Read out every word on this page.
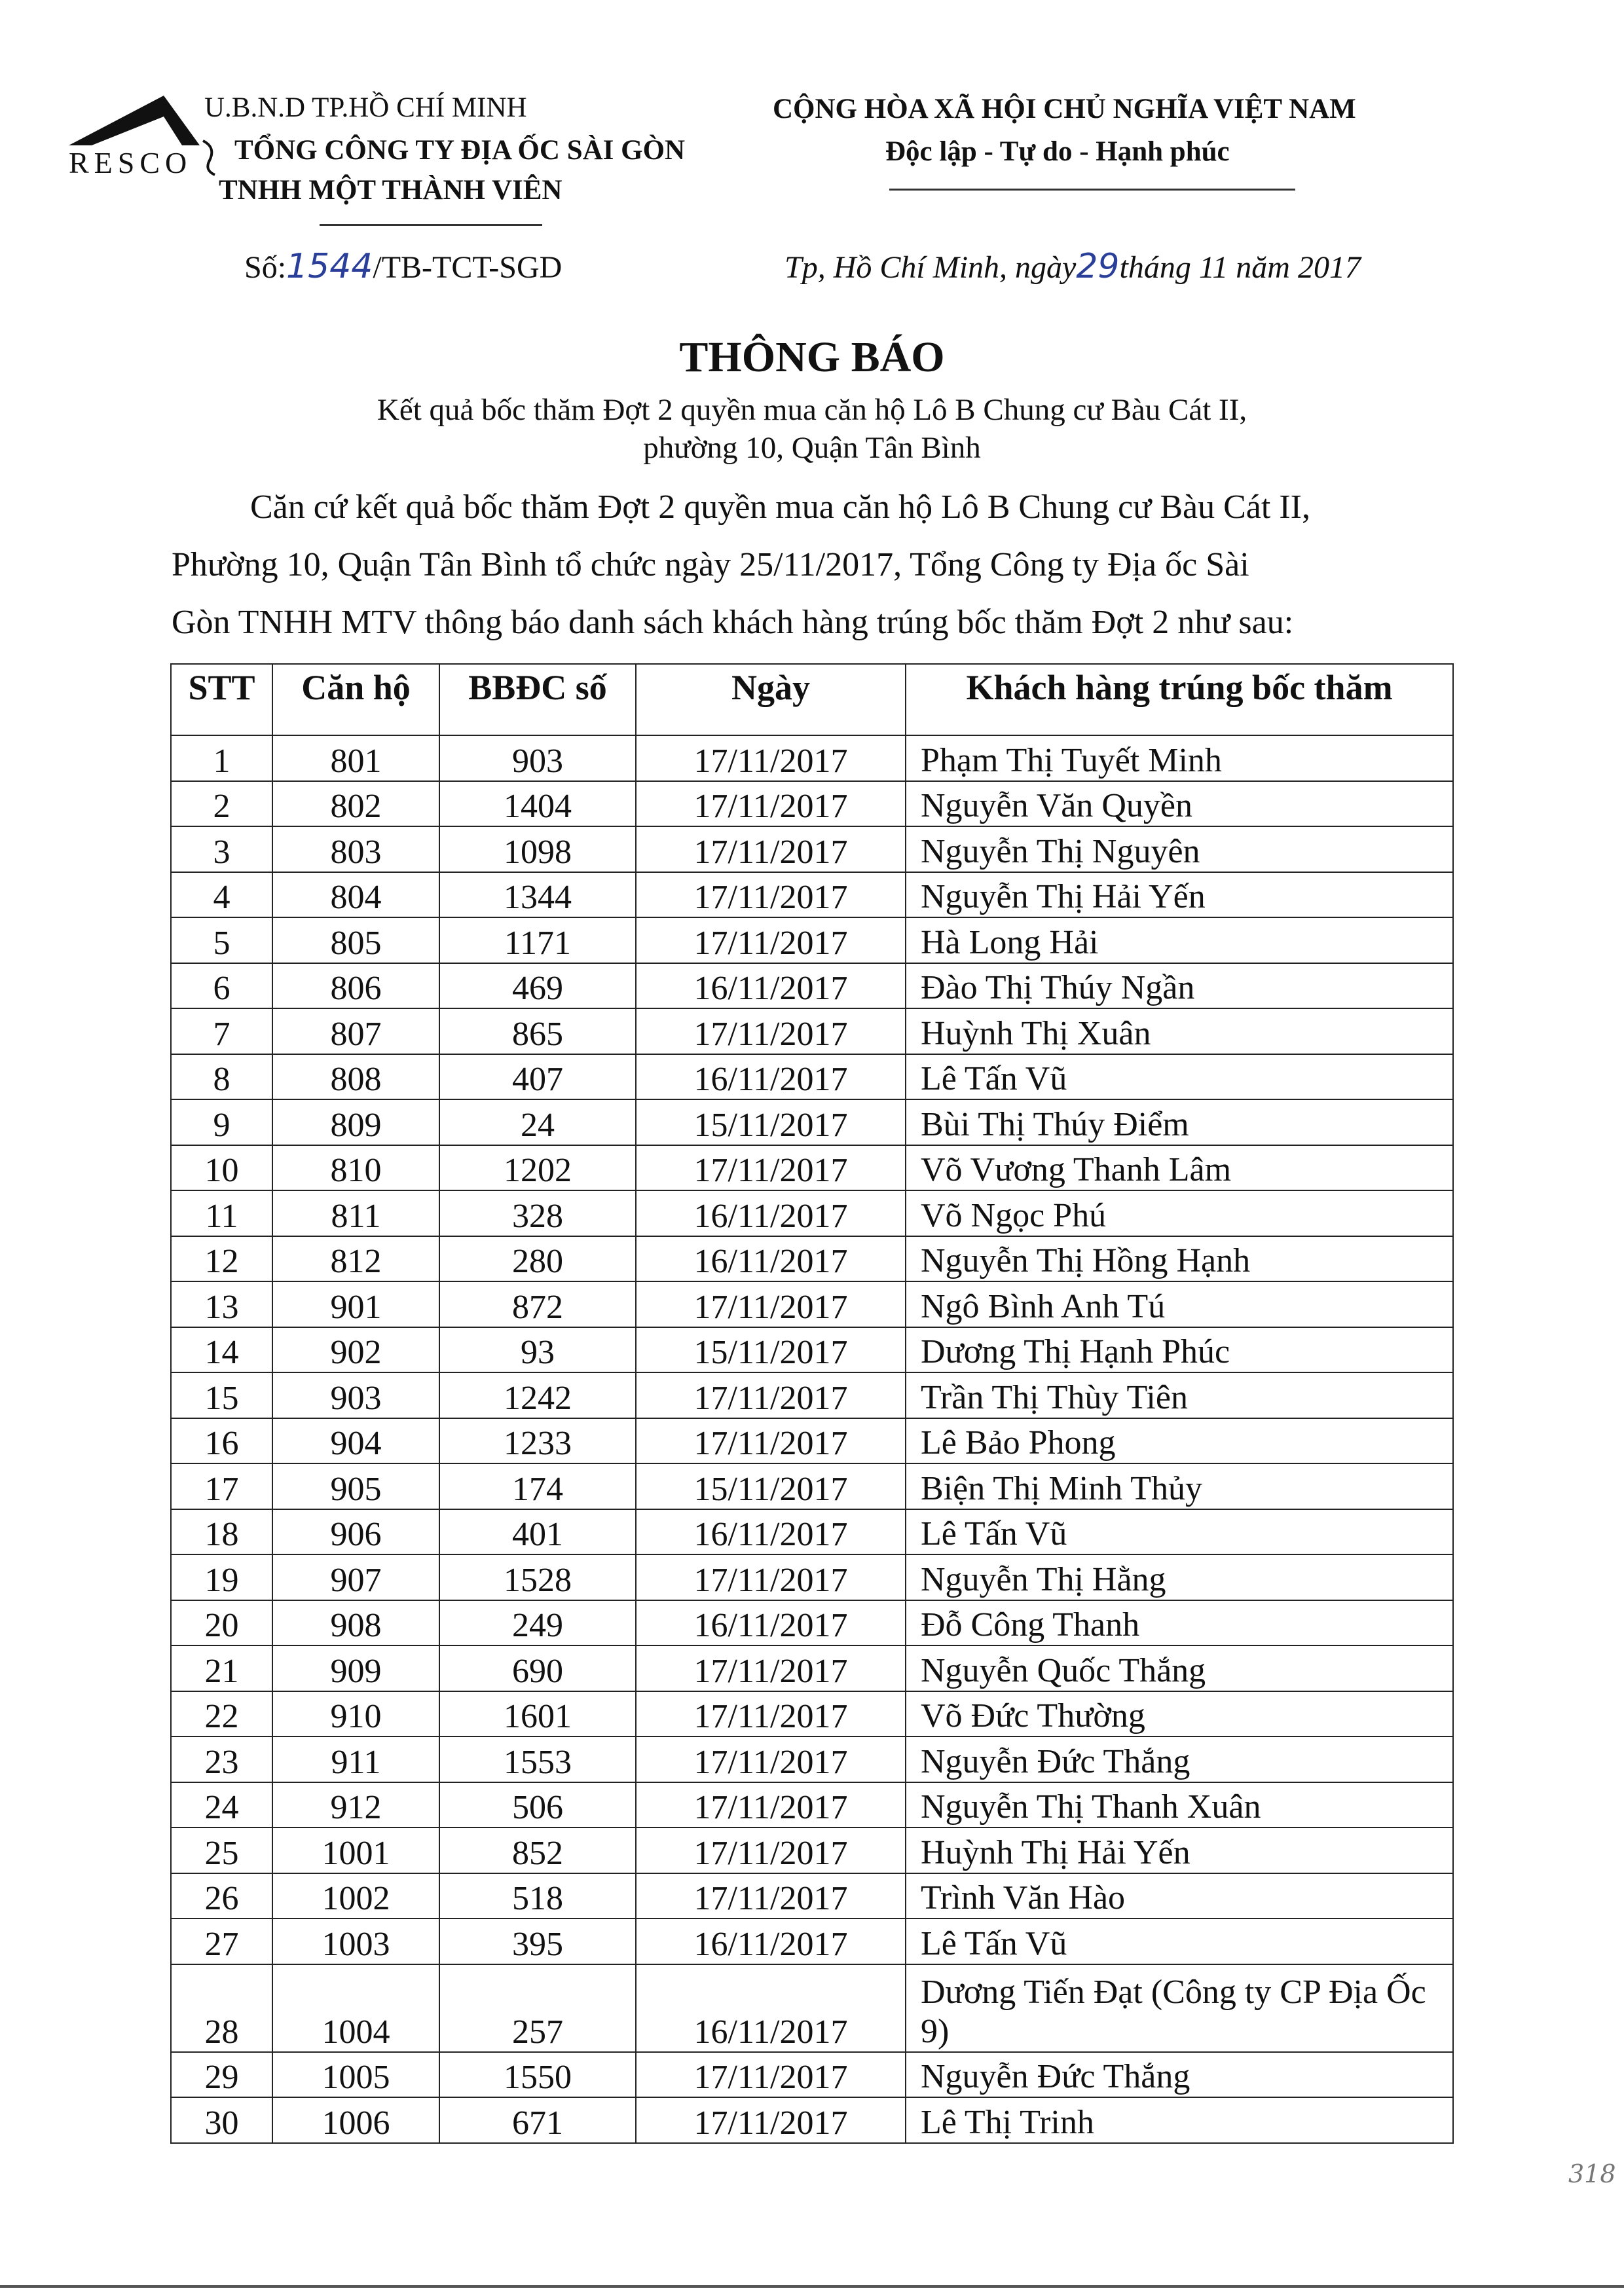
RESCO
U.B.N.D TP.HỒ CHÍ MINH
TỔNG CÔNG TY ĐỊA ỐC SÀI GÒN
TNHH MỘT THÀNH VIÊN
Số:1544/TB-TCT-SGD
CỘNG HÒA XÃ HỘI CHỦ NGHĨA VIỆT NAM
Độc lập - Tự do - Hạnh phúc
Tp, Hồ Chí Minh, ngày29tháng 11 năm 2017
THÔNG BÁO
Kết quả bốc thăm Đợt 2 quyền mua căn hộ Lô B Chung cư Bàu Cát II,
phường 10, Quận Tân Bình
Căn cứ kết quả bốc thăm Đợt 2 quyền mua căn hộ Lô B Chung cư Bàu Cát II,
Phường 10, Quận Tân Bình tổ chức ngày 25/11/2017, Tổng Công ty Địa ốc Sài
Gòn TNHH MTV thông báo danh sách khách hàng trúng bốc thăm Đợt 2 như sau:
STT	Căn hộ	BBĐC số	Ngày	Khách hàng trúng bốc thăm
1	801	903	17/11/2017	Phạm Thị Tuyết Minh
2	802	1404	17/11/2017	Nguyễn Văn Quyền
3	803	1098	17/11/2017	Nguyễn Thị Nguyên
4	804	1344	17/11/2017	Nguyễn Thị Hải Yến
5	805	1171	17/11/2017	Hà Long Hải
6	806	469	16/11/2017	Đào Thị Thúy Ngần
7	807	865	17/11/2017	Huỳnh Thị Xuân
8	808	407	16/11/2017	Lê Tấn Vũ
9	809	24	15/11/2017	Bùi Thị Thúy Điểm
10	810	1202	17/11/2017	Võ Vương Thanh Lâm
11	811	328	16/11/2017	Võ Ngọc Phú
12	812	280	16/11/2017	Nguyễn Thị Hồng Hạnh
13	901	872	17/11/2017	Ngô Bình Anh Tú
14	902	93	15/11/2017	Dương Thị Hạnh Phúc
15	903	1242	17/11/2017	Trần Thị Thùy Tiên
16	904	1233	17/11/2017	Lê Bảo Phong
17	905	174	15/11/2017	Biện Thị Minh Thủy
18	906	401	16/11/2017	Lê Tấn Vũ
19	907	1528	17/11/2017	Nguyễn Thị Hằng
20	908	249	16/11/2017	Đỗ Công Thanh
21	909	690	17/11/2017	Nguyễn Quốc Thắng
22	910	1601	17/11/2017	Võ Đức Thường
23	911	1553	17/11/2017	Nguyễn Đức Thắng
24	912	506	17/11/2017	Nguyễn Thị Thanh Xuân
25	1001	852	17/11/2017	Huỳnh Thị Hải Yến
26	1002	518	17/11/2017	Trình Văn Hào
27	1003	395	16/11/2017	Lê Tấn Vũ
28	1004	257	16/11/2017	Dương Tiến Đạt (Công ty CP Địa Ốc 9)
29	1005	1550	17/11/2017	Nguyễn Đức Thắng
30	1006	671	17/11/2017	Lê Thị Trinh
318
